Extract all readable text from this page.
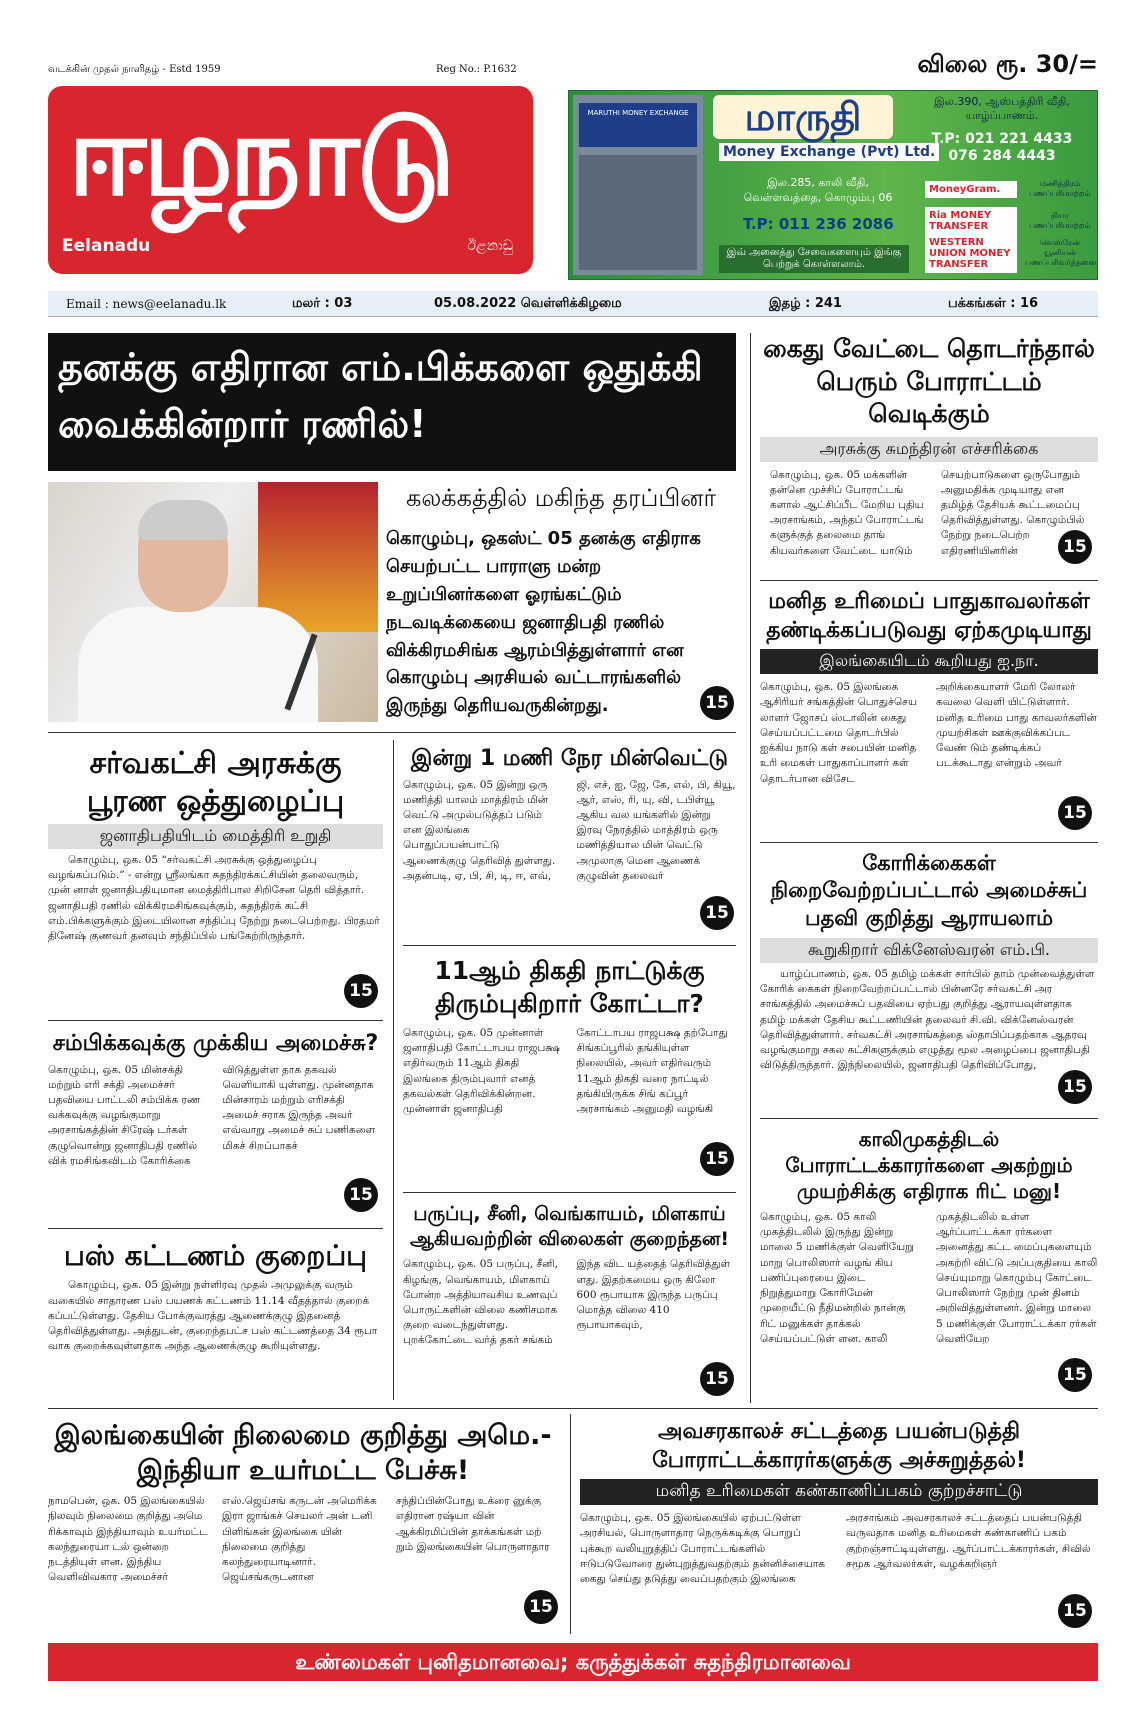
வடக்கின் முதல் நாளிதழ் - Estd 1959	Reg No.: P.1632	விலை ரூ. 30/=
ஈழநாடு
Eelanadu	ඊළනාඩු
MARUTHI MONEY EXCHANGE	மாருதி
Money Exchange (Pvt) Ltd.
இல.285, காலி வீதி, வெள்ளவத்தை, கொழும்பு 06
T.P: 011 236 2086
இவ் அனைத்து சேவைகளையும் இங்கு பெற்றுக் கொள்ளலாம்.
இல.390, ஆஸ்பத்திரி வீதி, யாழ்ப்பாணம்.
T.P: 021 221 4433
076 284 4443
MoneyGram.	மணித்திரம் பணப்பரிமாற்றம்
Ria MONEY TRANSFER
றியா பணப்பரிமாற்றம்
WESTERN UNION MONEY TRANSFER
வெஸ்ரேன் யூனியன் பணப்பரிவர்த்தனை
Email : news@eelanadu.lk	மலர் : 03	05.08.2022 வெள்ளிக்கிழமை	இதழ் : 241	பக்கங்கள் : 16
தனக்கு எதிரான எம்.பிக்களை ஒதுக்கி வைக்கின்றார் ரணில்!
கலக்கத்தில் மகிந்த தரப்பினர்
கொழும்பு, ஒகஸ்ட் 05 தனக்கு எதிராக செயற்பட்ட பாராளு மன்ற உறுப்பினர்களை ஓரங்கட்டும் நடவடிக்கையை ஜனாதிபதி ரணில் விக்கிரமசிங்க ஆரம்பித்துள்ளார் என கொழும்பு அரசியல் வட்டாரங்களில் இருந்து தெரியவருகின்றது.	15
கைது வேட்டை தொடர்ந்தால் பெரும் போராட்டம் வெடிக்கும்
அரசுக்கு சுமந்திரன் எச்சரிக்கை
கொழும்பு, ஒக. 05 மக்களின் தன்னெ முச்சிப் போராட்டங் களால் ஆட்சிப்பீட மேறிய புதிய அரசாங்கம், அந்தப் போராட்டங் களுக்குத் தலைமை தாங் கியவர்களை வேட்டை யாடும் செயற்பாடுகளை ஒருபோதும் அனுமதிக்க முடியாது என தமிழ்த் தேசியக் கூட்டமைப்பு தெரிவித்துள்ளது. கொழும்பில் நேற்று நடைபெற்ற எதிரணியினரின்	15
மனித உரிமைப் பாதுகாவலர்கள் தண்டிக்கப்படுவது ஏற்கமுடியாது
இலங்கையிடம் கூறியது ஐ.நா.
கொழும்பு, ஒக. 05 இலங்கை ஆசிரியர் சங்கத்தின் பொதுச்செய லாளர் ஜோசப் ஸ்டாலின் கைது செய்யப்பட்டமை தொடர்பில் ஐக்கிய நாடு கள் சபையின் மனித உரி மைகள் பாதுகாப்பாளர் கள் தொடர்பான விசேட அறிக்கையாளர் மேரி லோலர் கவலை வெளி யிட்டுள்ளார். மனித உரிமை பாது காவலர்களின் முயற்சிகள் ஊக்குவிக்கப்பட வேண் டும் தண்டிக்கப் படக்கூடாது என்றும் அவர்
15
கோரிக்கைகள் நிறைவேற்றப்பட்டால் அமைச்சுப் பதவி குறித்து ஆராயலாம்
கூறுகிறார் விக்னேஸ்வரன் எம்.பி.
யாழ்ப்பாணம், ஒக. 05 தமிழ் மக்கள் சார்பில் தாம் முன்வைத்துள்ள கோரிக் கைகள் நிறைவேற்றப்பட்டால் பின்னரே சர்வகட்சி அர சாங்கத்தில் அமைச்சுப் பதவியை ஏற்பது குறித்து ஆராயவுள்ளதாக தமிழ் மக்கள் தேசிய கூட்டணியின் தலைவர் சி.வி. விக்னேஸ்வரன் தெரிவித்துள்ளார். சர்வகட்சி அரசாங்கத்தை ஸ்தாபிப்பதற்காக ஆதரவு வழங்குமாறு சகல கட்சிகளுக்கும் எழுத்து மூல அழைப்பை ஜனாதிபதி விடுத்திருந்தார். இந்நிலையில், ஜனாதிபதி தெரிவிப்போது,
15
காலிமுகத்திடல் போராட்டக்காரர்களை அகற்றும் முயற்சிக்கு எதிராக ரிட் மனு!
கொழும்பு, ஒக. 05 காலி முகத்திடலில் இருந்து இன்று மாலை 5 மணிக்குள் வெளியேறு மாறு பொலிஸார் வழங் கிய பணிப்புரையை இடை நிறுத்துமாறு கோரிமேன் முறையீட்டு நீதிமன்றில் நான்கு ரிட் மனுக்கள் தாக்கல் செய்யப்பட்டுள் ளன. காலி முகத்திடலில் உள்ள ஆர்ப்பாட்டக்கா ரர்களை அனைத்து கட்ட மைப்புகளையும் அகற்றி விட்டு அப்பகுதியை காலி செய்யுமாறு கொழும்பு கோட்டை பொலிஸார் நேற்று முன் தினம் அறிவித்துள்ளனர். இன்று மாலை 5 மணிக்குள் போராட்டக்கா ரர்கள் வெளியேற
15
சர்வகட்சி அரசுக்கு பூரண ஒத்துழைப்பு
ஜனாதிபதியிடம் மைத்திரி உறுதி
கொழும்பு, ஒக. 05 “சர்வகட்சி அரசுக்கு ஒத்துழைப்பு வழங்கப்படும்.” - என்று ஸ்ரீலங்கா சுதந்திரக்கட்சியின் தலைவரும், முன் னாள் ஜனாதிபதியுமான மைத்திரிபால சிறிசேன தெரி வித்தார். ஜனாதிபதி ரணில் விக்கிரமசிங்கவுக்கும், சுதந்திரக் கட்சி எம்.பிக்களுக்கும் இடையிலான சந்திப்பு நேற்று நடைபெற்றது. பிரதமர் தினேஷ் குணவர் தனவும் சந்திப்பில் பங்கேற்றிருந்தார்.
15
சம்பிக்கவுக்கு முக்கிய அமைச்சு?
கொழும்பு, ஒக. 05 மின்சக்தி மற்றும் எரி சக்தி அமைச்சர் பதவியை பாட்டலி சம்பிக்க ரண வக்கவுக்கு வழங்குமாறு அரசாங்கத்தின் சிரேஷ் டர்கள் குழுவொன்று ஜனாதிபதி ரணில் விக் ரமசிங்கவிடம் கோரிக்கை விடுத்துள்ள தாக தகவல் வெளியாகி யுள்ளது. முன்னதாக மின்சாரம் மற்றும் எரிசக்தி அமைச் சராக இருந்த அவர் எவ்வாறு அமைச் சுப் பணிகளை மிகச் சிறப்பாகச்
15
பஸ் கட்டணம் குறைப்பு
கொழும்பு, ஒக. 05 இன்று நள்ளிரவு முதல் அமுலுக்கு வரும் வகையில் சாதாரண பஸ் பயணக் கட்டணம் 11.14 வீதத்தால் குறைக் கப்பட்டுள்ளது. தேசிய போக்குவரத்து ஆணைக்குழு இதனைத் தெரிவித்துள்ளது. அத்துடன், குறைந்தபட்ச பஸ் கட்டணத்தை 34 ரூபா வாக குறைக்கவுள்ளதாக அந்த ஆணைக்குழு கூறியுள்ளது.
இன்று 1 மணி நேர மின்வெட்டு
கொழும்பு, ஒக. 05 இன்று ஒரு மணித்தி யாலம் மாத்திரம் மின் வெட்டு அமுல்படுத்தப் படும் என இலங்கை பொதுப்பயன்பாட்டு ஆணைக்குழு தெரிவித் துள்ளது. அதன்படி, ஏ, பி, சி, டி, ஈ, எவ், ஜி, எச், ஐ, ஜே, கே, எல், பி, கியூ, ஆர், எஸ், ரி, யு, வி, டபிள்யூ ஆகிய வல யங்களில் இன்று இரவு நேரத்தில் மாத்திரம் ஒரு மணித்தியால மின் வெட்டு அமுலாகு மென ஆணைக் குழுவின் தலைவர்
15
11ஆம் திகதி நாட்டுக்கு திரும்புகிறார் கோட்டா?
கொழும்பு, ஒக. 05 முன்னாள் ஜனாதிபதி கோட்டாபய ராஜபக்ஷ எதிர்வரும் 11ஆம் திகதி இலங்கை திரும்புவார் எனத் தகவல்கள் தெரிவிக்கின்றன. முன்னாள் ஜனாதிபதி கோட்டாபய ராஜபக்ஷ தற்போது சிங்கப்பூரில் தங்கியுள்ள நிலையில், அவர் எதிர்வரும் 11ஆம் திகதி வரை நாட்டில் தங்கியிருக்க சிங் கப்பூர் அரசாங்கம் அனுமதி வழங்கி
15
பருப்பு, சீனி, வெங்காயம், மிளகாய் ஆகியவற்றின் விலைகள் குறைந்தன!
கொழும்பு, ஒக. 05 பருப்பு, சீனி, கிழங்கு, வெங்காயம், மிளகாய் போன்ற அத்தியாவசிய உணவுப் பொருட்களின் விலை கணிசமாக குறை வடைந்துள்ளது. புறக்கோட்டை வர்த் தகர் சங்கம் இந்த விட யத்தைத் தெரிவித்துள் ளது. இதற்கமைய ஒரு கிலோ 600 ரூபாயாக இருந்த பருப்பு மொத்த விலை 410 ரூபாயாகவும்,
15
இலங்கையின் நிலைமை குறித்து அமெ.-இந்தியா உயர்மட்ட பேச்சு!
நாமபென், ஒக. 05 இலங்கையில் நிலவும் நிலைமை குறித்து அமெ ரிக்காவும் இந்தியாவும் உயர்மட்ட கலந்துரையா டல் ஒன்றை நடத்தியுள் ளன. இந்திய வெளிவிவகார அமைச்சர் எஸ்.ஜெய்சங் கருடன் அமெரிக்க இரா ஜாங்கச் செயலர் அன் டனி பிளிங்கன் இலங்கை யின் நிலைமை குறித்து கலந்துரையாடினார். ஜெய்சங்கருடனான சந்திப்பின்போது உக்ரை னுக்கு எதிரான ரஷ்யா வின் ஆக்கிரமிப்பின் தாக்கங்கள் மற் றும் இலங்கையின் பொருளாதார
15
அவசரகாலச் சட்டத்தை பயன்படுத்தி போராட்டக்காரர்களுக்கு அச்சுறுத்தல்!
மனித உரிமைகள் கண்காணிப்பகம் குற்றச்சாட்டு
கொழும்பு, ஒக. 05 இலங்கையில் ஏற்பட்டுள்ள அரசியல், பொருளாதார நெருக்கடிக்கு பொறுப் புக்கூற வலியுறுத்திப் போராட்டங்களில் ஈடுபடுவோரை துன்புறுத்துவதற்கும் தன்னிச்சையாக கைது செய்து தடுத்து வைப்பதற்கும் இலங்கை அரசாங்கம் அவசரகாலச் சட்டத்தைப் பயன்படுத்தி வருவதாக மனித உரிமைகள் கண்காணிப் பகம் குற்றஞ்சாட்டியுள்ளது. ஆர்ப்பாட்டக்காரர்கள், சிவில் சமூக ஆர்வலர்கள், வழக்கறிஞர்
15
உண்மைகள் புனிதமானவை; கருத்துக்கள் சுதந்திரமானவை
